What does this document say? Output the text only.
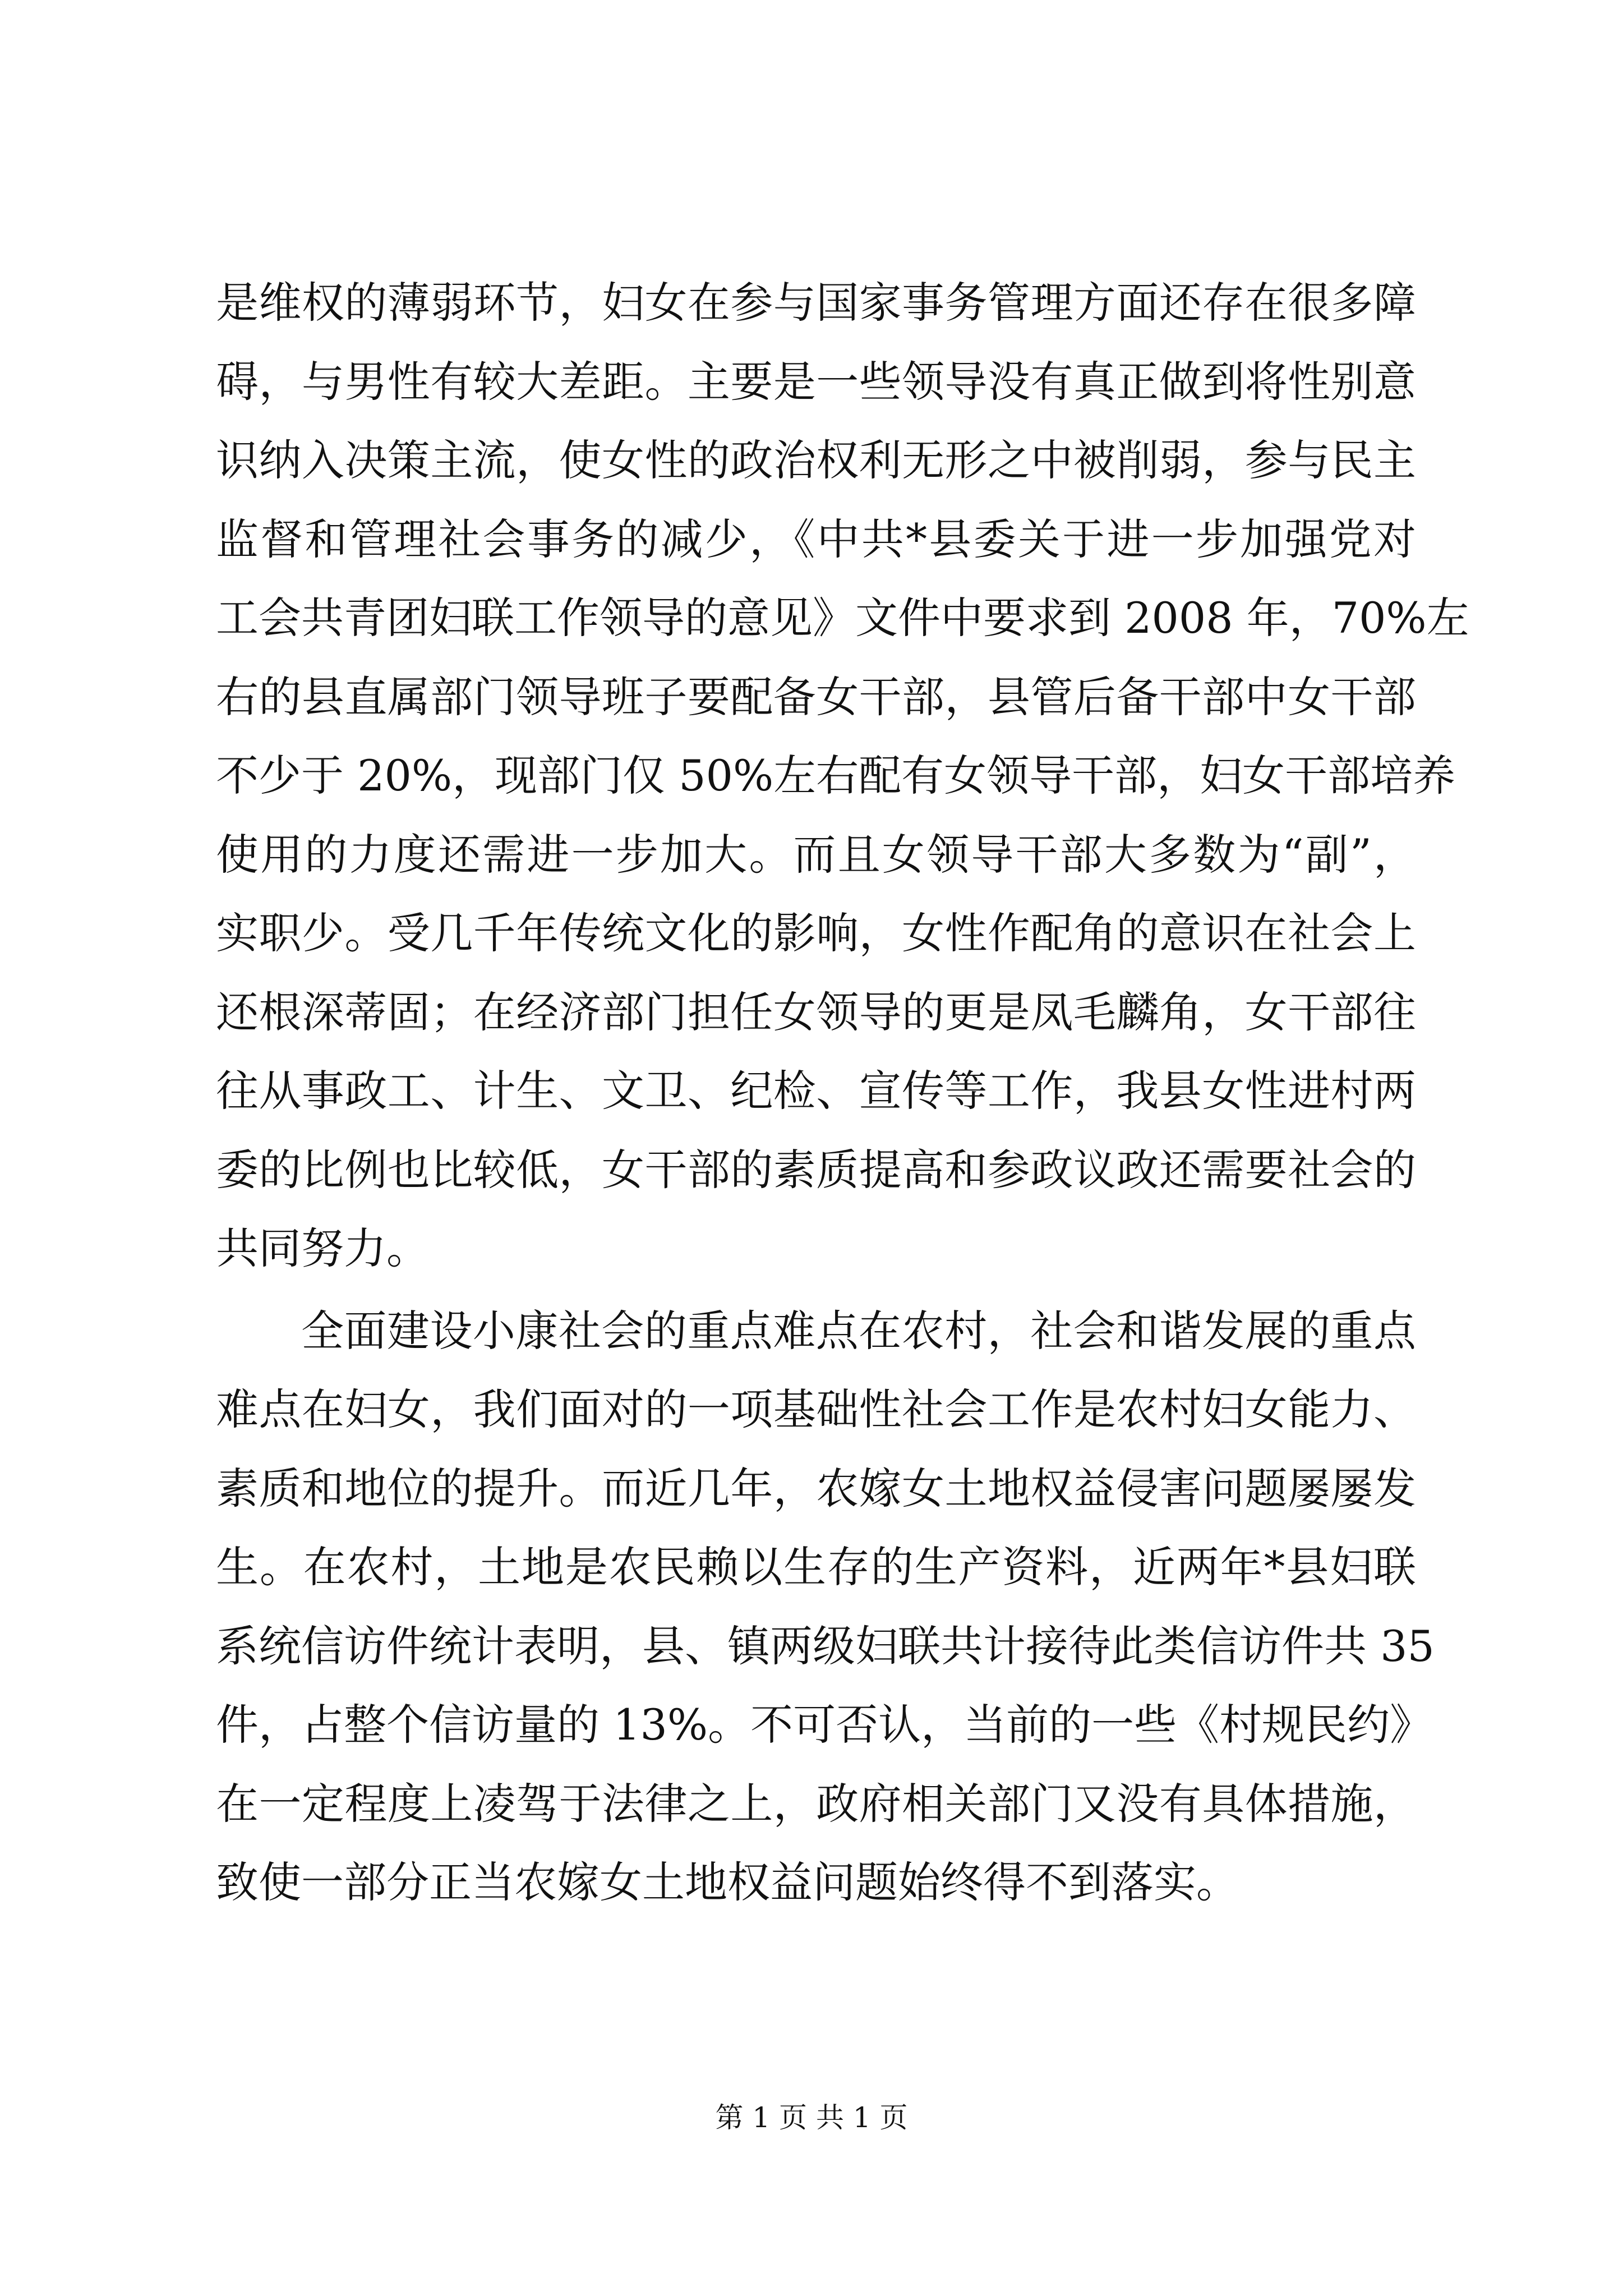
是维权的薄弱环节，妇女在参与国家事务管理方面还存在很多障
碍，与男性有较大差距。主要是一些领导没有真正做到将性别意
识纳入决策主流，使女性的政治权利无形之中被削弱，参与民主
监督和管理社会事务的减少，《中共*县委关于进一步加强党对
工会共青团妇联工作领导的意见》文件中要求到 2008 年，70%左
右的县直属部门领导班子要配备女干部，县管后备干部中女干部
不少于 20%，现部门仅 50%左右配有女领导干部，妇女干部培养
使用的力度还需进一步加大。而且女领导干部大多数为“副”，
实职少。受几千年传统文化的影响，女性作配角的意识在社会上
还根深蒂固；在经济部门担任女领导的更是凤毛麟角，女干部往
往从事政工、计生、文卫、纪检、宣传等工作，我县女性进村两
委的比例也比较低，女干部的素质提高和参政议政还需要社会的
共同努力。
全面建设小康社会的重点难点在农村，社会和谐发展的重点
难点在妇女，我们面对的一项基础性社会工作是农村妇女能力、
素质和地位的提升。而近几年，农嫁女土地权益侵害问题屡屡发
生。在农村，土地是农民赖以生存的生产资料，近两年*县妇联
系统信访件统计表明，县、镇两级妇联共计接待此类信访件共 35
件，占整个信访量的 13%。不可否认，当前的一些《村规民约》
在一定程度上凌驾于法律之上，政府相关部门又没有具体措施，
致使一部分正当农嫁女土地权益问题始终得不到落实。
第 1 页 共 1 页
